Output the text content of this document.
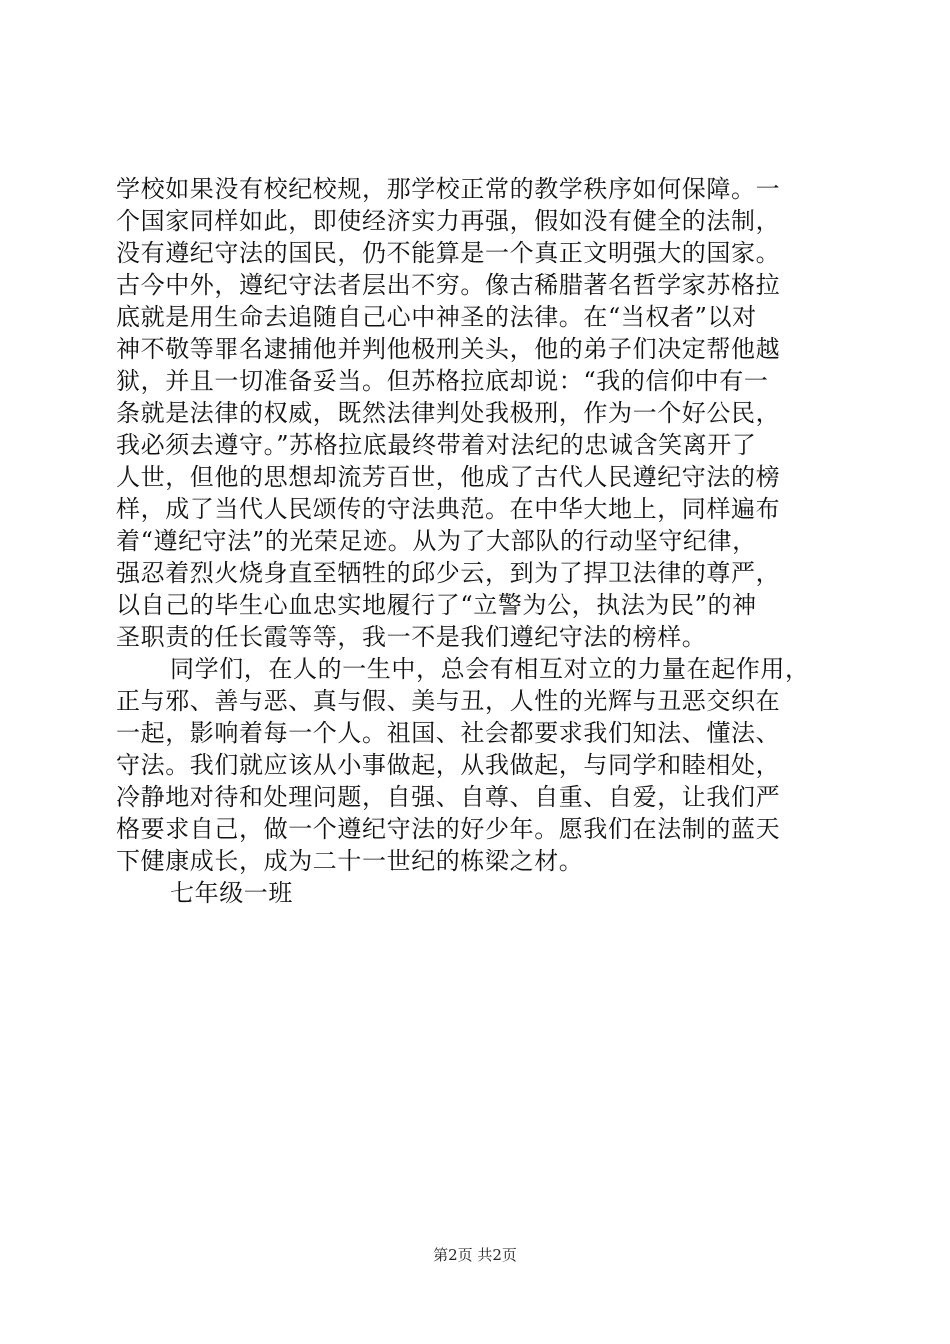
学校如果没有校纪校规，那学校正常的教学秩序如何保障。一
个国家同样如此，即使经济实力再强，假如没有健全的法制，
没有遵纪守法的国民，仍不能算是一个真正文明强大的国家。
古今中外，遵纪守法者层出不穷。像古稀腊著名哲学家苏格拉
底就是用生命去追随自己心中神圣的法律。在“当权者”以对
神不敬等罪名逮捕他并判他极刑关头，他的弟子们决定帮他越
狱，并且一切准备妥当。但苏格拉底却说：“我的信仰中有一
条就是法律的权威，既然法律判处我极刑，作为一个好公民，
我必须去遵守。”苏格拉底最终带着对法纪的忠诚含笑离开了
人世，但他的思想却流芳百世，他成了古代人民遵纪守法的榜
样，成了当代人民颂传的守法典范。在中华大地上，同样遍布
着“遵纪守法”的光荣足迹。从为了大部队的行动坚守纪律，
强忍着烈火烧身直至牺牲的邱少云，到为了捍卫法律的尊严，
以自己的毕生心血忠实地履行了“立警为公，执法为民”的神
圣职责的任长霞等等，我一不是我们遵纪守法的榜样。
同学们，在人的一生中，总会有相互对立的力量在起作用，
正与邪、善与恶、真与假、美与丑，人性的光辉与丑恶交织在
一起，影响着每一个人。祖国、社会都要求我们知法、懂法、
守法。我们就应该从小事做起，从我做起，与同学和睦相处，
冷静地对待和处理问题，自强、自尊、自重、自爱，让我们严
格要求自己，做一个遵纪守法的好少年。愿我们在法制的蓝天
下健康成长，成为二十一世纪的栋梁之材。
七年级一班
第2页 共2页
